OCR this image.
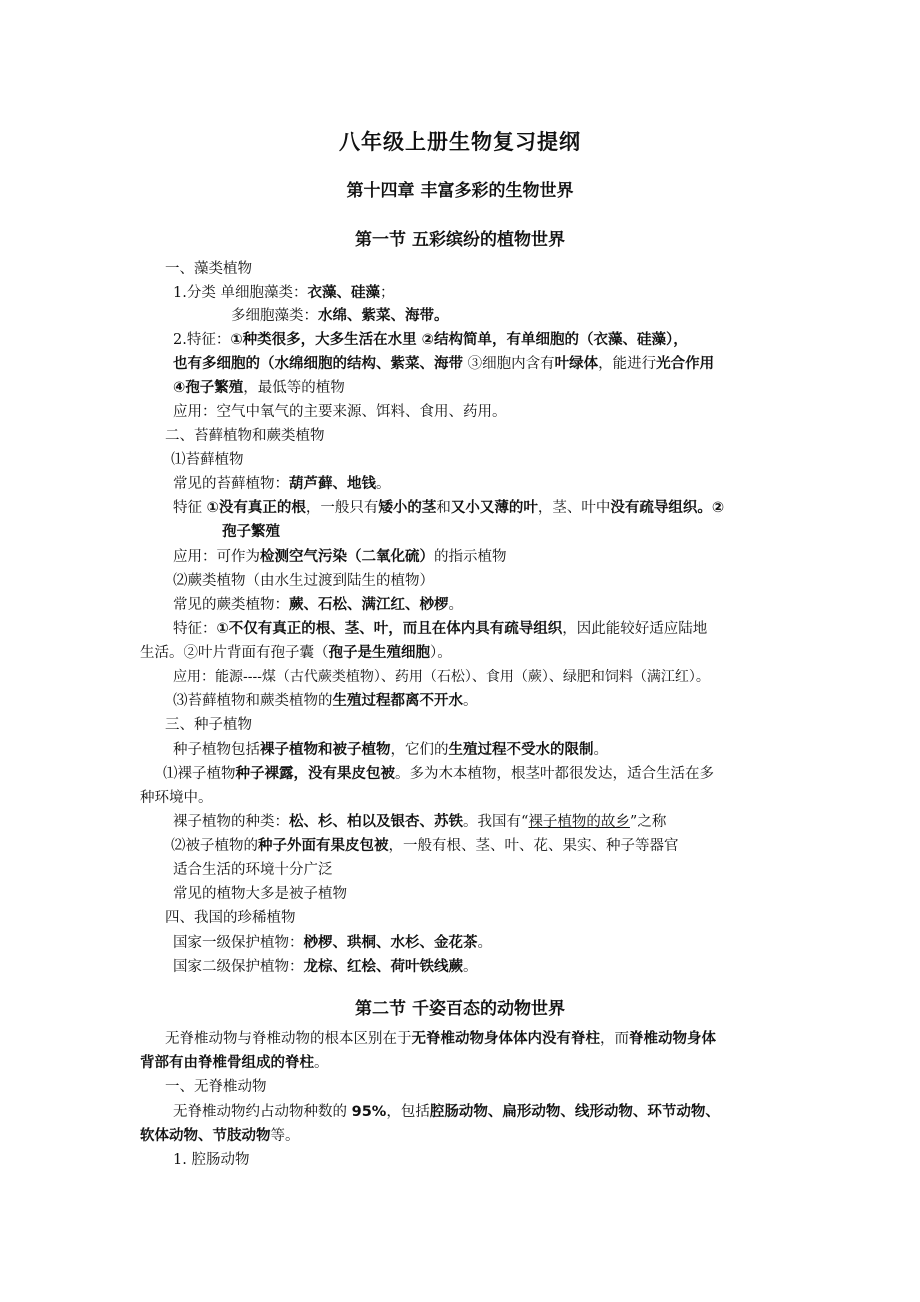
八年级上册生物复习提纲
第十四章 丰富多彩的生物世界
第一节 五彩缤纷的植物世界
一、藻类植物
1.分类 单细胞藻类：衣藻、硅藻；
多细胞藻类：水绵、紫菜、海带。
2.特征：①种类很多，大多生活在水里 ②结构简单，有单细胞的（衣藻、硅藻），
也有多细胞的（水绵细胞的结构、紫菜、海带 ③细胞内含有叶绿体，能进行光合作用
④孢子繁殖，最低等的植物
应用：空气中氧气的主要来源、饵料、食用、药用。
二、苔藓植物和蕨类植物
⑴苔藓植物
常见的苔藓植物：葫芦藓、地钱。
特征 ①没有真正的根，一般只有矮小的茎和又小又薄的叶，茎、叶中没有疏导组织。②
孢子繁殖
应用：可作为检测空气污染（二氧化硫）的指示植物
⑵蕨类植物（由水生过渡到陆生的植物）
常见的蕨类植物：蕨、石松、满江红、桫椤。
特征：①不仅有真正的根、茎、叶，而且在体内具有疏导组织，因此能较好适应陆地
生活。②叶片背面有孢子囊（孢子是生殖细胞）。
应用：能源----煤（古代蕨类植物）、药用（石松）、食用（蕨）、绿肥和饲料（满江红）。
⑶苔藓植物和蕨类植物的生殖过程都离不开水。
三、种子植物
种子植物包括裸子植物和被子植物，它们的生殖过程不受水的限制。
⑴裸子植物种子裸露，没有果皮包被。多为木本植物，根茎叶都很发达，适合生活在多
种环境中。
裸子植物的种类：松、杉、柏以及银杏、苏铁。我国有“裸子植物的故乡”之称
⑵被子植物的种子外面有果皮包被，一般有根、茎、叶、花、果实、种子等器官
适合生活的环境十分广泛
常见的植物大多是被子植物
四、我国的珍稀植物
国家一级保护植物：桫椤、珙桐、水杉、金花茶。
国家二级保护植物：龙棕、红桧、荷叶铁线蕨。
第二节 千姿百态的动物世界
无脊椎动物与脊椎动物的根本区别在于无脊椎动物身体体内没有脊柱，而脊椎动物身体
背部有由脊椎骨组成的脊柱。
一、无脊椎动物
无脊椎动物约占动物种数的 95%，包括腔肠动物、扁形动物、线形动物、环节动物、
软体动物、节肢动物等。
1. 腔肠动物
